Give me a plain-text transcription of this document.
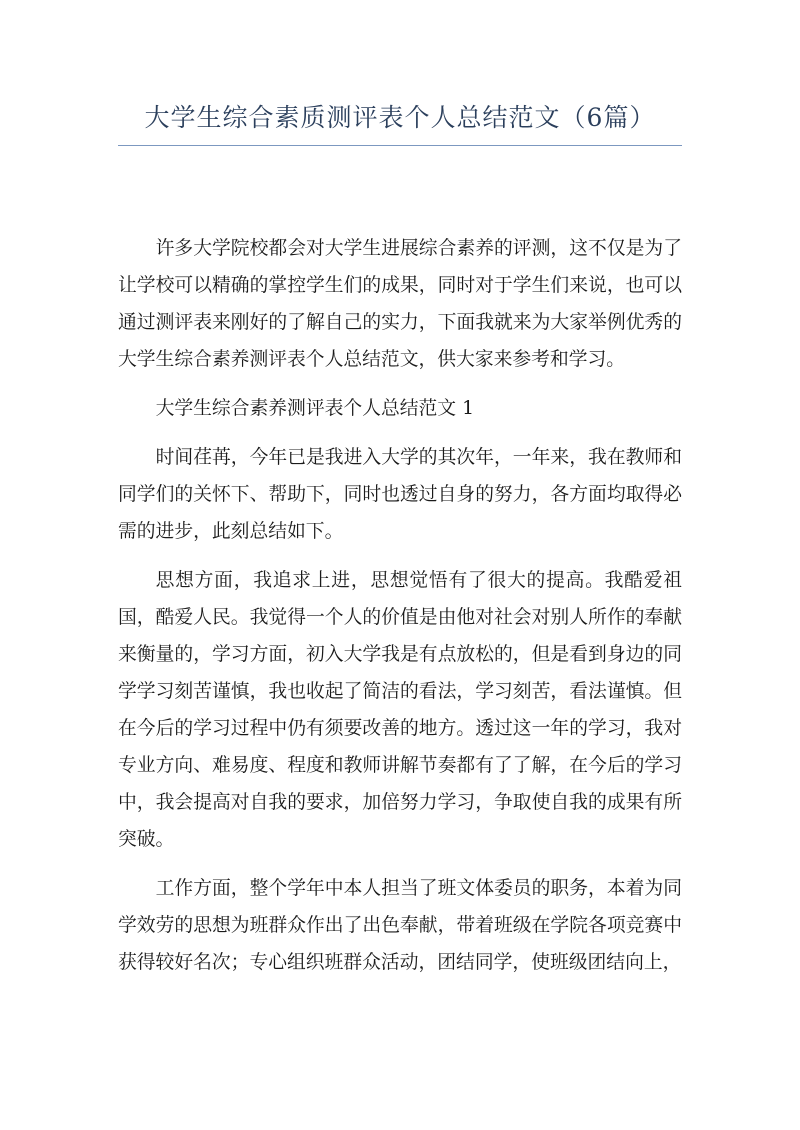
大学生综合素质测评表个人总结范文（6篇）

许多大学院校都会对大学生进展综合素养的评测，这不仅是为了让学校可以精确的掌控学生们的成果，同时对于学生们来说，也可以通过测评表来刚好的了解自己的实力，下面我就来为大家举例优秀的大学生综合素养测评表个人总结范文，供大家来参考和学习。

大学生综合素养测评表个人总结范文 1

时间荏苒，今年已是我进入大学的其次年，一年来，我在教师和同学们的关怀下、帮助下，同时也透过自身的努力，各方面均取得必需的进步，此刻总结如下。

思想方面，我追求上进，思想觉悟有了很大的提高。我酷爱祖国，酷爱人民。我觉得一个人的价值是由他对社会对别人所作的奉献来衡量的，学习方面，初入大学我是有点放松的，但是看到身边的同学学习刻苦谨慎，我也收起了简洁的看法，学习刻苦，看法谨慎。但在今后的学习过程中仍有须要改善的地方。透过这一年的学习，我对专业方向、难易度、程度和教师讲解节奏都有了了解，在今后的学习中，我会提高对自我的要求，加倍努力学习，争取使自我的成果有所突破。

工作方面，整个学年中本人担当了班文体委员的职务，本着为同学效劳的思想为班群众作出了出色奉献，带着班级在学院各项竞赛中获得较好名次；专心组织班群众活动，团结同学，使班级团结向上，
